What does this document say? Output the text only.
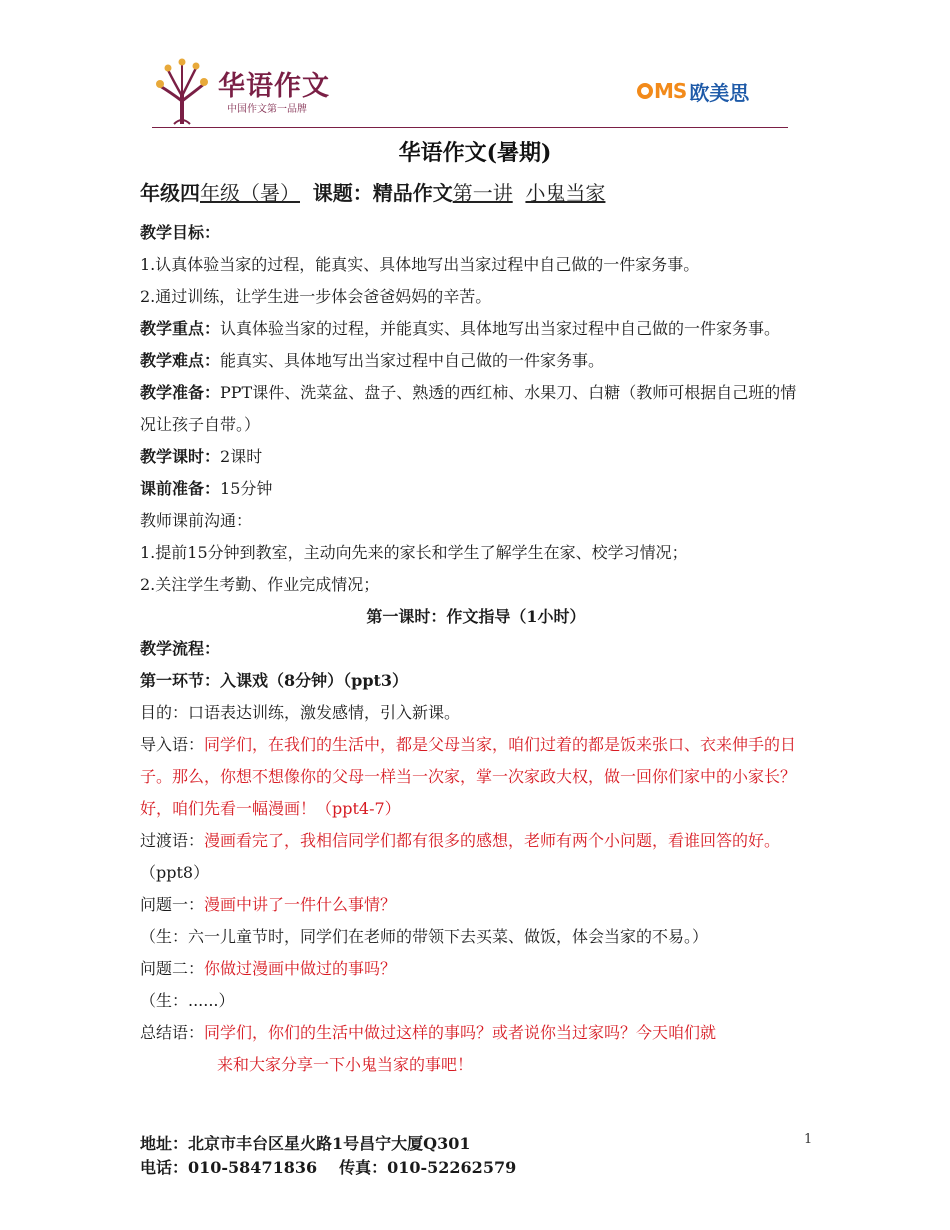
华语作文
中国作文第一品牌
MS 欧美思
华语作文(暑期)
年级四年级（暑） 课题：精品作文第一讲 小鬼当家

教学目标：

1.认真体验当家的过程，能真实、具体地写出当家过程中自己做的一件家务事。

2.通过训练，让学生进一步体会爸爸妈妈的辛苦。

教学重点：认真体验当家的过程，并能真实、具体地写出当家过程中自己做的一件家务事。

教学难点：能真实、具体地写出当家过程中自己做的一件家务事。

教学准备：PPT课件、洗菜盆、盘子、熟透的西红柿、水果刀、白糖（教师可根据自己班的情况让孩子自带。）

教学课时：2课时

课前准备：15分钟

教师课前沟通：

1.提前15分钟到教室，主动向先来的家长和学生了解学生在家、校学习情况；

2.关注学生考勤、作业完成情况；

第一课时：作文指导（1小时）

教学流程：

第一环节：入课戏（8分钟）（ppt3）

目的：口语表达训练，激发感情，引入新课。

导入语：同学们，在我们的生活中，都是父母当家，咱们过着的都是饭来张口、衣来伸手的日子。那么，你想不想像你的父母一样当一次家，掌一次家政大权，做一回你们家中的小家长？好，咱们先看一幅漫画！（ppt4-7）

过渡语：漫画看完了，我相信同学们都有很多的感想，老师有两个小问题，看谁回答的好。（ppt8）

问题一：漫画中讲了一件什么事情？

（生：六一儿童节时，同学们在老师的带领下去买菜、做饭，体会当家的不易。）

问题二：你做过漫画中做过的事吗？

（生：......）

总结语：同学们，你们的生活中做过这样的事吗？或者说你当过家吗？今天咱们就

来和大家分享一下小鬼当家的事吧！

地址：北京市丰台区星火路1号昌宁大厦Q301
电话：010-58471836 传真：010-52262579
1
